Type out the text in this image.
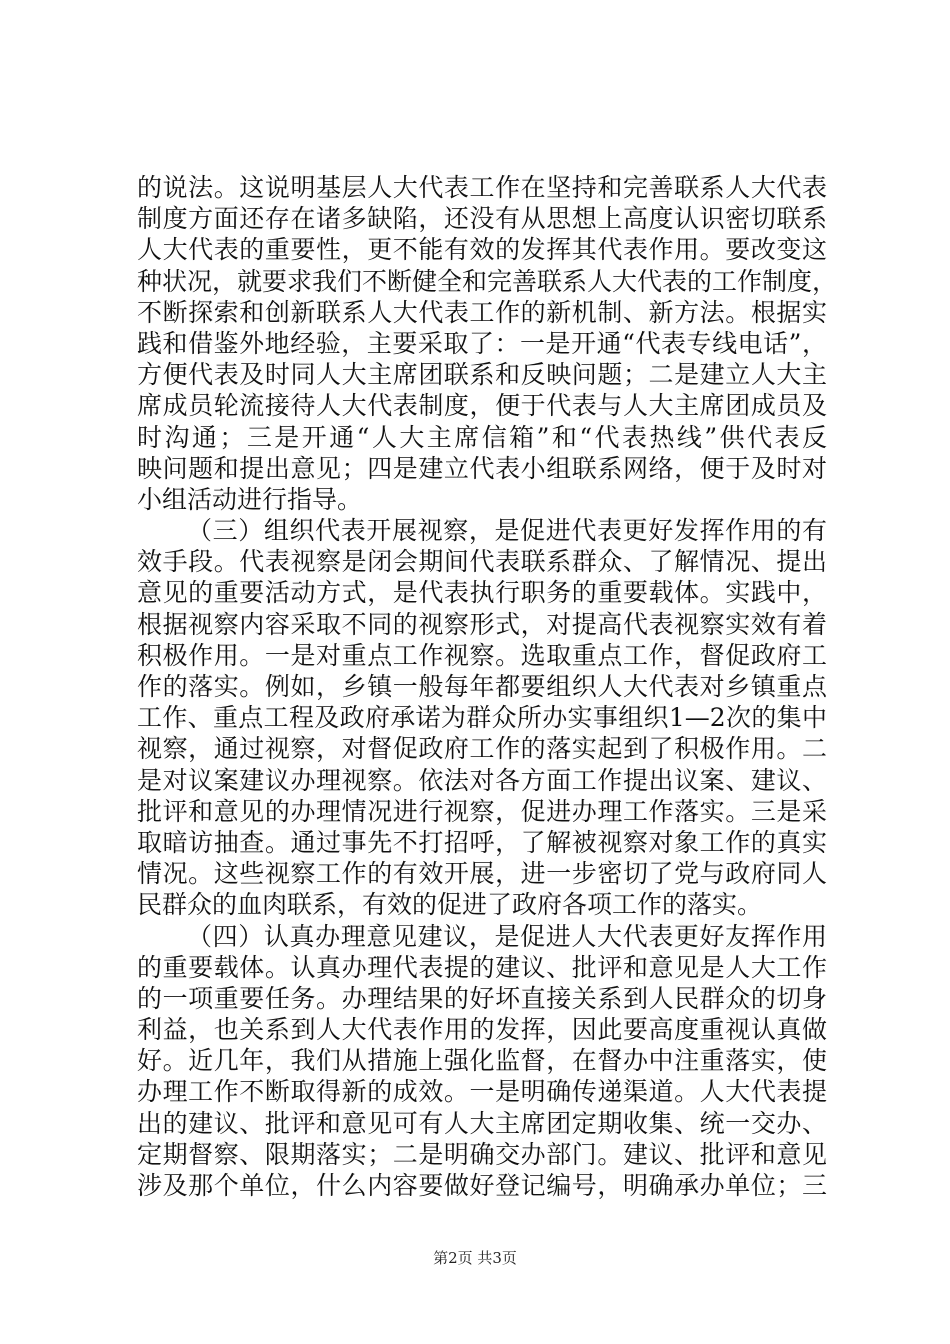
的说法。这说明基层人大代表工作在坚持和完善联系人大代表
制度方面还存在诸多缺陷，还没有从思想上高度认识密切联系
人大代表的重要性，更不能有效的发挥其代表作用。要改变这
种状况，就要求我们不断健全和完善联系人大代表的工作制度，
不断探索和创新联系人大代表工作的新机制、新方法。根据实
践和借鉴外地经验，主要采取了：一是开通“代表专线电话”，
方便代表及时同人大主席团联系和反映问题；二是建立人大主
席成员轮流接待人大代表制度，便于代表与人大主席团成员及
时沟通；三是开通“人大主席信箱”和“代表热线”供代表反
映问题和提出意见；四是建立代表小组联系网络，便于及时对
小组活动进行指导。
（三）组织代表开展视察，是促进代表更好发挥作用的有
效手段。代表视察是闭会期间代表联系群众、了解情况、提出
意见的重要活动方式，是代表执行职务的重要载体。实践中，
根据视察内容采取不同的视察形式，对提高代表视察实效有着
积极作用。一是对重点工作视察。选取重点工作，督促政府工
作的落实。例如，乡镇一般每年都要组织人大代表对乡镇重点
工作、重点工程及政府承诺为群众所办实事组织1—2次的集中
视察，通过视察，对督促政府工作的落实起到了积极作用。二
是对议案建议办理视察。依法对各方面工作提出议案、建议、
批评和意见的办理情况进行视察，促进办理工作落实。三是采
取暗访抽查。通过事先不打招呼，了解被视察对象工作的真实
情况。这些视察工作的有效开展，进一步密切了党与政府同人
民群众的血肉联系，有效的促进了政府各项工作的落实。
（四）认真办理意见建议，是促进人大代表更好友挥作用
的重要载体。认真办理代表提的建议、批评和意见是人大工作
的一项重要任务。办理结果的好坏直接关系到人民群众的切身
利益，也关系到人大代表作用的发挥，因此要高度重视认真做
好。近几年，我们从措施上强化监督，在督办中注重落实，使
办理工作不断取得新的成效。一是明确传递渠道。人大代表提
出的建议、批评和意见可有人大主席团定期收集、统一交办、
定期督察、限期落实；二是明确交办部门。建议、批评和意见
涉及那个单位，什么内容要做好登记编号，明确承办单位；三
第2页 共3页
